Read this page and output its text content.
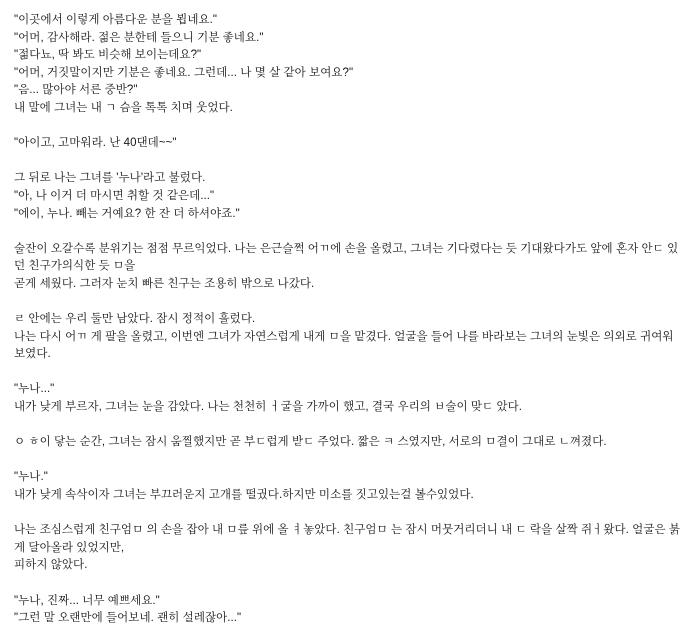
"이곳에서 이렇게 아름다운 분을 뵙네요."
"어머, 감사해라. 젊은 분한테 들으니 기분 좋네요."
"젊다뇨, 딱 봐도 비슷해 보이는데요?"
"어머, 거짓말이지만 기분은 좋네요. 그런데... 나 몇 살 같아 보여요?"
"음... 많아야 서른 중반?"
내 말에 그녀는 내 ㄱ 슴을 톡톡 치며 웃었다.
"아이고, 고마워라. 난 40댄데~~"
그 뒤로 나는 그녀를 '누나'라고 불렀다.
"아, 나 이거 더 마시면 취할 것 같은데..."
"에이, 누나. 빼는 거예요? 한 잔 더 하셔야죠."
술잔이 오갈수록 분위기는 점점 무르익었다. 나는 은근슬쩍 어ㄲ에 손을 올렸고, 그녀는 기다렸다는 듯 기대왔다가도 앞에 혼자 안ㄷ 있던 친구가의식한 듯 ㅁ을
곧게 세웠다. 그러자 눈치 빠른 친구는 조용히 밖으로 나갔다.
ㄹ 안에는 우리 둘만 남았다. 잠시 정적이 흘렀다.
나는 다시 어ㄲ 게 팔을 올렸고, 이번엔 그녀가 자연스럽게 내게 ㅁ을 맡겼다. 얼굴을 들어 나를 바라보는 그녀의 눈빛은 의외로 귀여워 보였다.
"누나..."
내가 낮게 부르자, 그녀는 눈을 감았다. 나는 천천히 ㅓ굴을 가까이 했고, 결국 우리의 ㅂ술이 맞ㄷ 았다.
ㅇ ㅎ이 닿는 순간, 그녀는 잠시 움찔했지만 곧 부ㄷ럽게 받ㄷ 주었다. 짧은 ㅋ 스였지만, 서로의 ㅁ결이 그대로 ㄴ껴졌다.
"누나."
내가 낮게 속삭이자 그녀는 부끄러운지 고개를 떨궜다.하지만 미소를 짓고있는걸 볼수있었다.
나는 조심스럽게 친구엄ㅁ 의 손을 잡아 내 ㅁ릎 위에 올 ㅕ놓았다. 친구엄ㅁ 는 잠시 머뭇거리더니 내 ㄷ 락을 살짝 쥐ㅓ왔다. 얼굴은 붉게 달아올라 있었지만,
피하지 않았다.
"누나, 진짜... 너무 예쁘세요."
"그런 말 오랜만에 들어보네. 괜히 설레잖아..."
